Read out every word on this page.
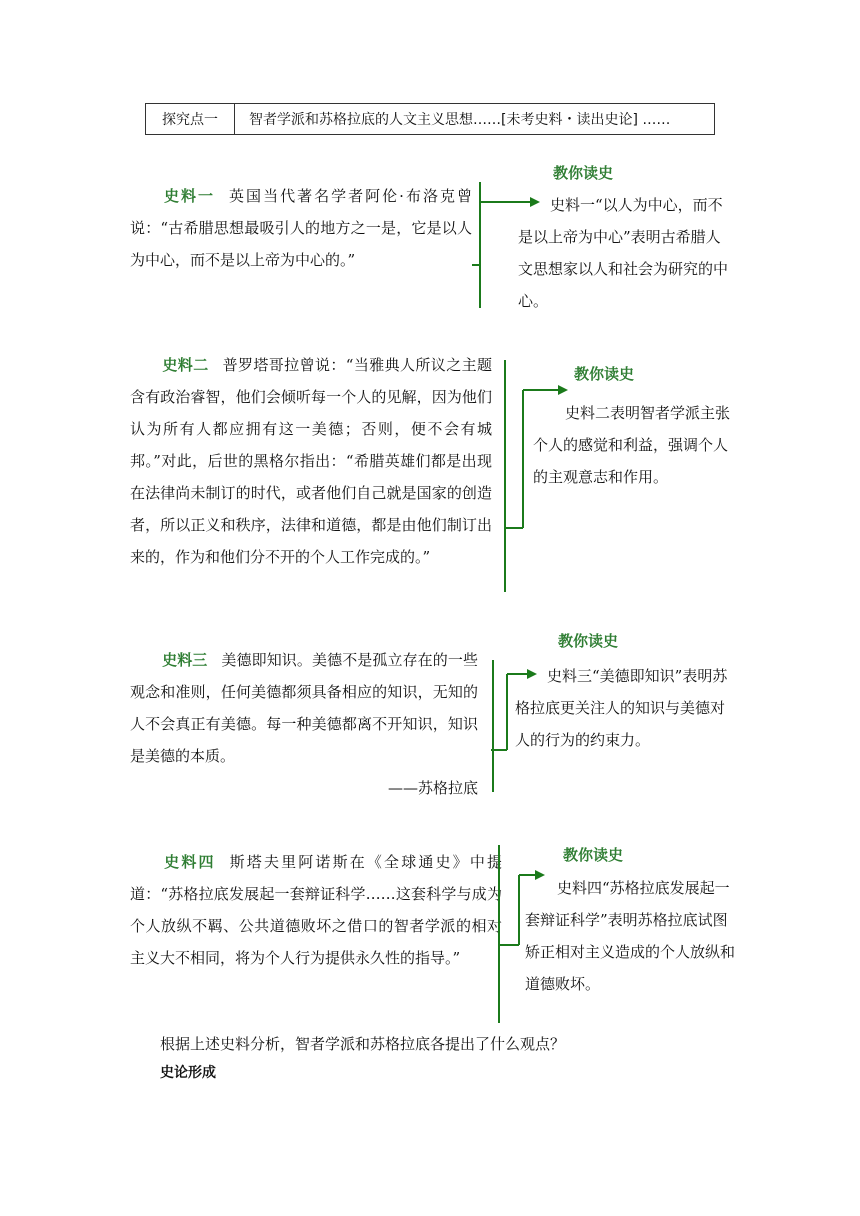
探究点一	智者学派和苏格拉底的人文主义思想……[未考史料・读出史论] ……
史料一 英国当代著名学者阿伦·布洛克曾说：“古希腊思想最吸引人的地方之一是，它是以人为中心，而不是以上帝为中心的。”
教你读史
史料一“以人为中心，而不是以上帝为中心”表明古希腊人文思想家以人和社会为研究的中心。
史料二 普罗塔哥拉曾说：“当雅典人所议之主题含有政治睿智，他们会倾听每一个人的见解，因为他们认为所有人都应拥有这一美德；否则，便不会有城邦。”对此，后世的黑格尔指出：“希腊英雄们都是出现在法律尚未制订的时代，或者他们自己就是国家的创造者，所以正义和秩序，法律和道德，都是由他们制订出来的，作为和他们分不开的个人工作完成的。”
教你读史
史料二表明智者学派主张个人的感觉和利益，强调个人的主观意志和作用。
史料三 美德即知识。美德不是孤立存在的一些观念和准则，任何美德都须具备相应的知识，无知的人不会真正有美德。每一种美德都离不开知识，知识是美德的本质。
——苏格拉底
教你读史
史料三“美德即知识”表明苏格拉底更关注人的知识与美德对人的行为的约束力。
史料四 斯塔夫里阿诺斯在《全球通史》中提道：“苏格拉底发展起一套辩证科学……这套科学与成为个人放纵不羁、公共道德败坏之借口的智者学派的相对主义大不相同，将为个人行为提供永久性的指导。”
教你读史
史料四“苏格拉底发展起一套辩证科学”表明苏格拉底试图矫正相对主义造成的个人放纵和道德败坏。
根据上述史料分析，智者学派和苏格拉底各提出了什么观点？
史论形成
